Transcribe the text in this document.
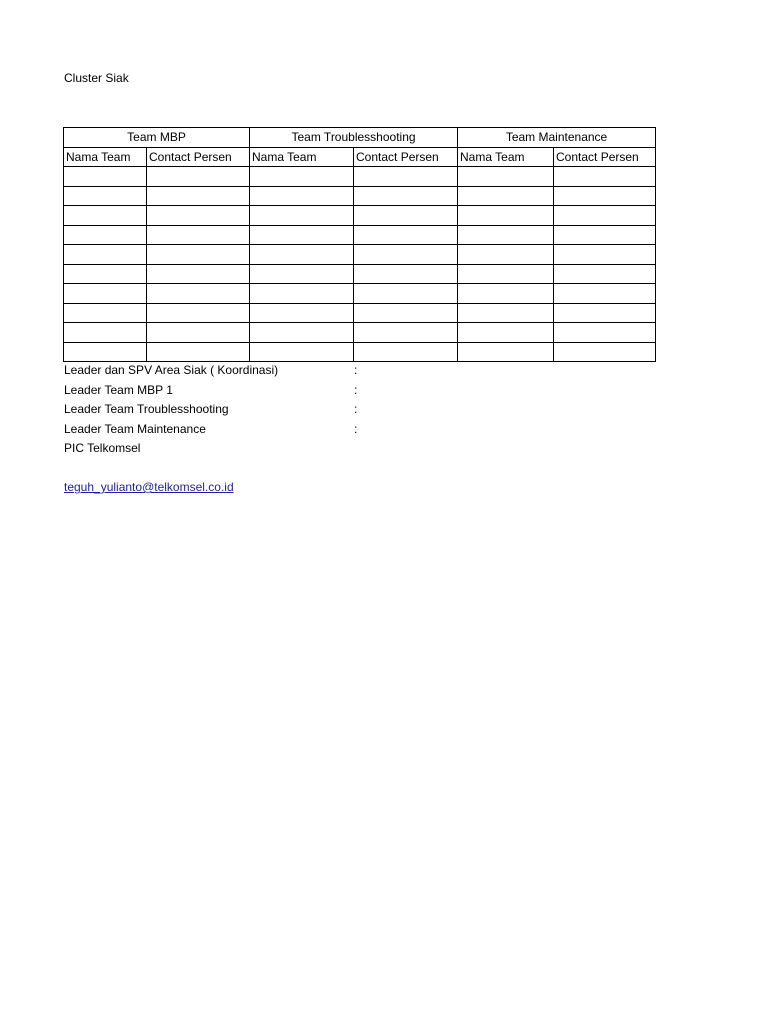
Cluster Siak
Team MBP		Team Troublesshooting		Team Maintenance	
Nama Team	Contact Persen	Nama Team	Contact Persen	Nama Team	Contact Persen

Leader dan SPV Area Siak ( Koordinasi)	:
Leader Team MBP 1	:
Leader Team Troublesshooting	:
Leader Team Maintenance	:
PIC Telkomsel
teguh_yulianto@telkomsel.co.id
